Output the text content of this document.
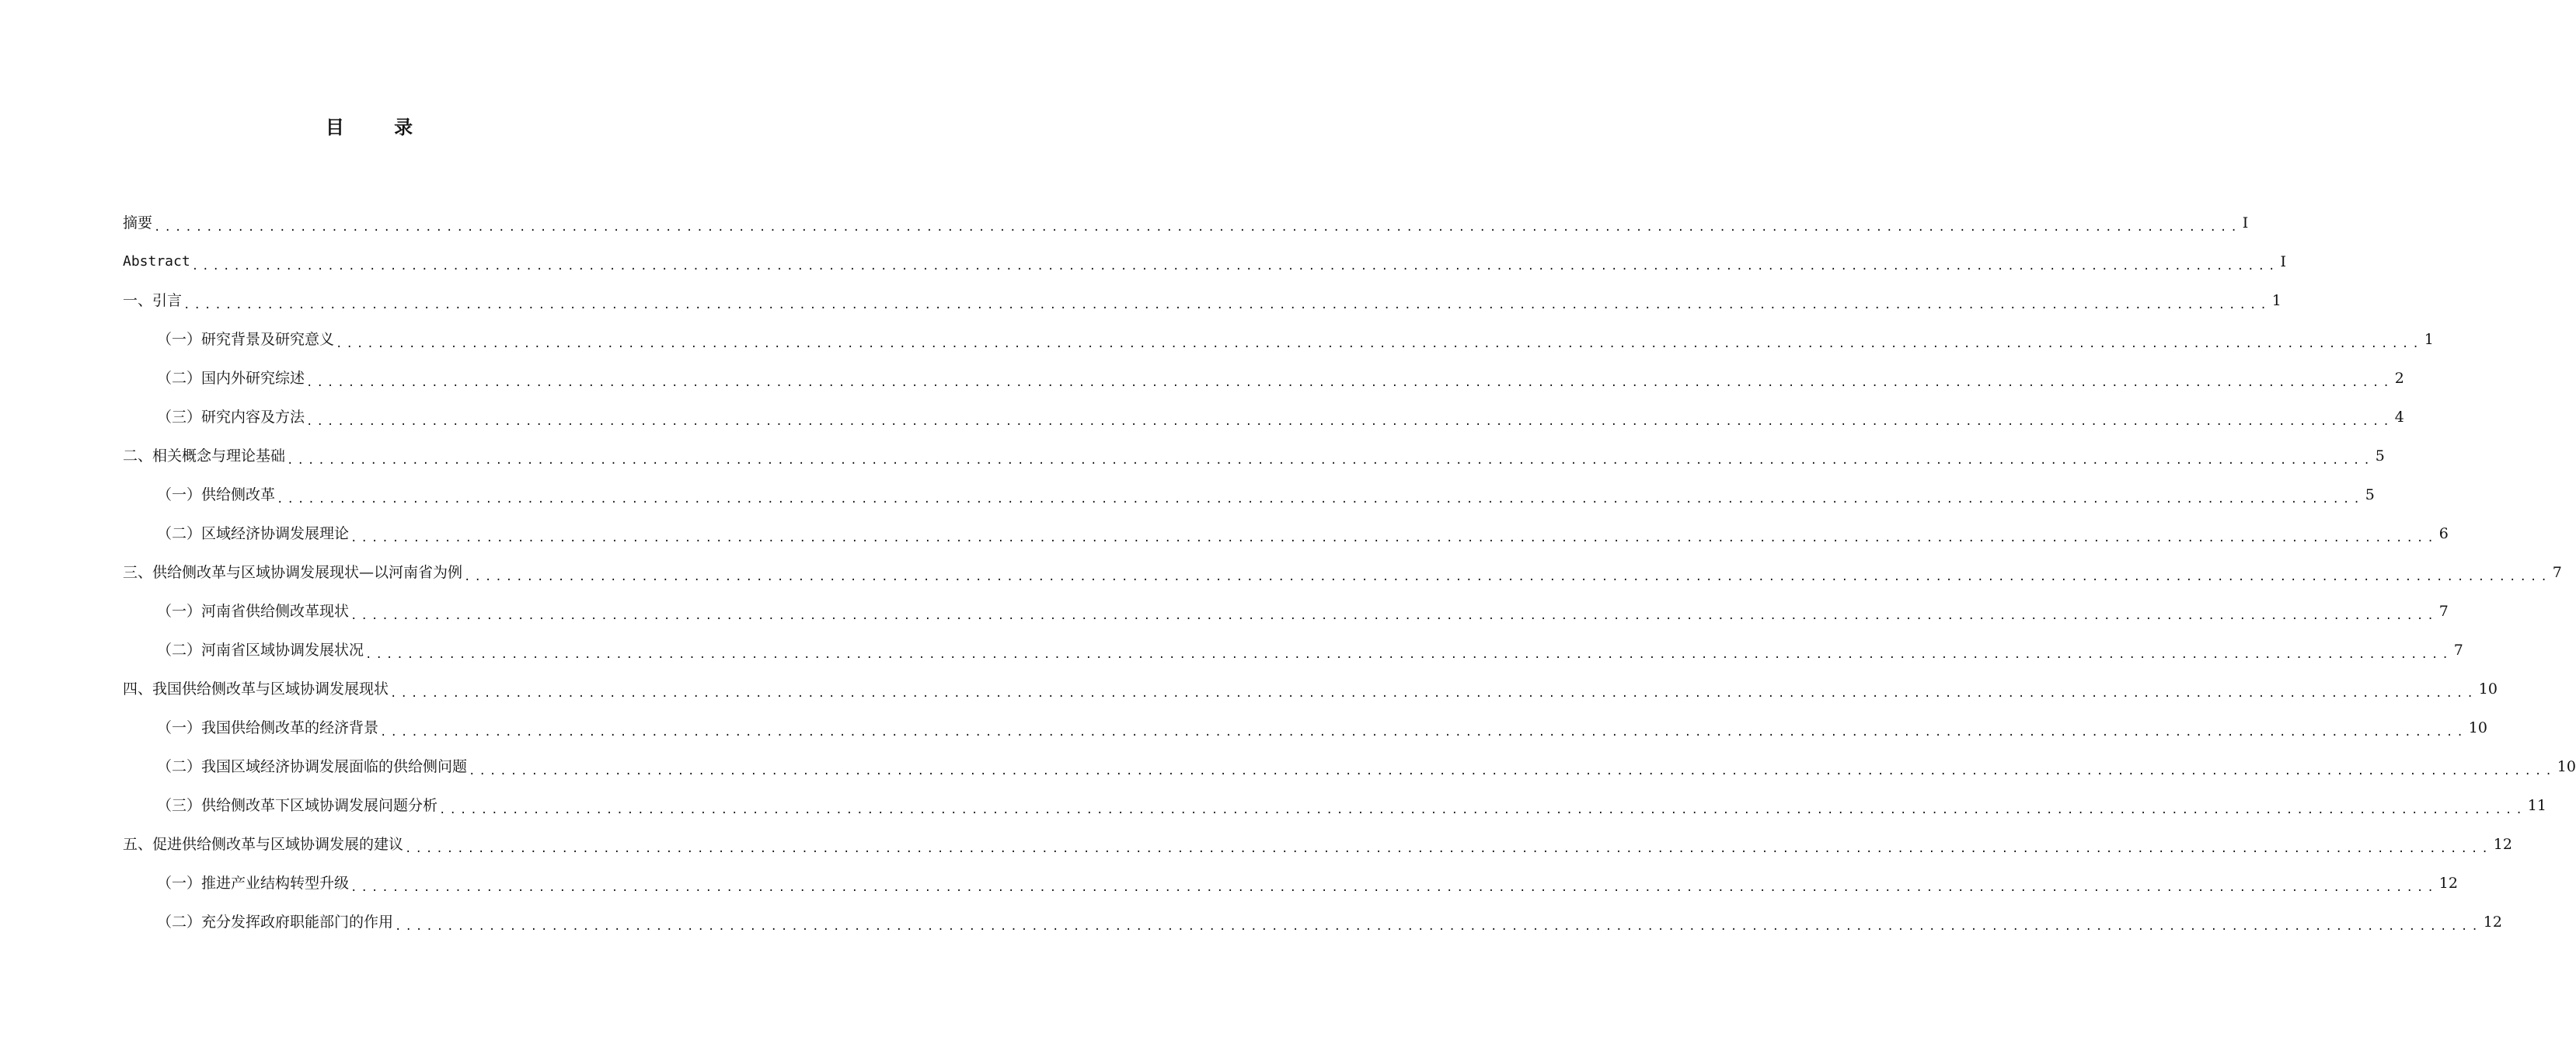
目 录
摘要 ........................................................................................................................................................................................................ I
Abstract ........................................................................................................................................................................................................ I
一、引言 ........................................................................................................................................................................................................ 1
（一）研究背景及研究意义 ........................................................................................................................................................................................................ 1
（二）国内外研究综述 ........................................................................................................................................................................................................ 2
（三）研究内容及方法 ........................................................................................................................................................................................................ 4
二、相关概念与理论基础 ........................................................................................................................................................................................................ 5
（一）供给侧改革 ........................................................................................................................................................................................................ 5
（二）区域经济协调发展理论 ........................................................................................................................................................................................................ 6
三、供给侧改革与区域协调发展现状—以河南省为例 ........................................................................................................................................................................................................ 7
（一）河南省供给侧改革现状 ........................................................................................................................................................................................................ 7
（二）河南省区域协调发展状况 ........................................................................................................................................................................................................ 7
四、我国供给侧改革与区域协调发展现状 ........................................................................................................................................................................................................ 10
（一）我国供给侧改革的经济背景 ........................................................................................................................................................................................................ 10
（二）我国区域经济协调发展面临的供给侧问题 ........................................................................................................................................................................................................ 10
（三）供给侧改革下区域协调发展问题分析 ........................................................................................................................................................................................................ 11
五、促进供给侧改革与区域协调发展的建议 ........................................................................................................................................................................................................ 12
（一）推进产业结构转型升级 ........................................................................................................................................................................................................ 12
（二）充分发挥政府职能部门的作用 ........................................................................................................................................................................................................ 12
